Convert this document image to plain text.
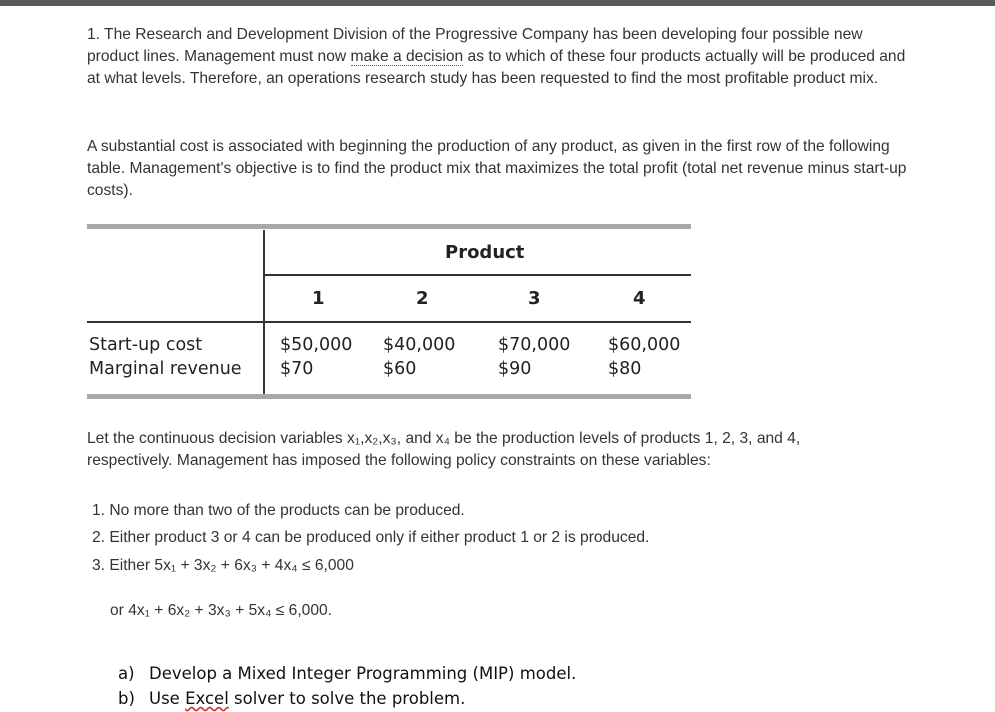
1. The Research and Development Division of the Progressive Company has been developing four possible new product lines. Management must now make a decision as to which of these four products actually will be produced and at what levels. Therefore, an operations research study has been requested to find the most profitable product mix.

A substantial cost is associated with beginning the production of any product, as given in the first row of the following table. Management's objective is to find the product mix that maximizes the total profit (total net revenue minus start-up costs).

Product
1	2	3	4
Start-up cost	$50,000 $40,000 $70,000 $60,000
Marginal revenue $70	$60	$90	$80

Let the continuous decision variables x₁,x₂,x₃, and x₄ be the production levels of products 1, 2, 3, and 4,
respectively. Management has imposed the following policy constraints on these variables:

1. No more than two of the products can be produced.
2. Either product 3 or 4 can be produced only if either product 1 or 2 is produced.
3. Either 5x₁ + 3x₂ + 6x₃ + 4x₄ ≤ 6,000
or 4x₁ + 6x₂ + 3x₃ + 5x₄ ≤ 6,000.
a) Develop a Mixed Integer Programming (MIP) model.
b) Use Excel solver to solve the problem.
